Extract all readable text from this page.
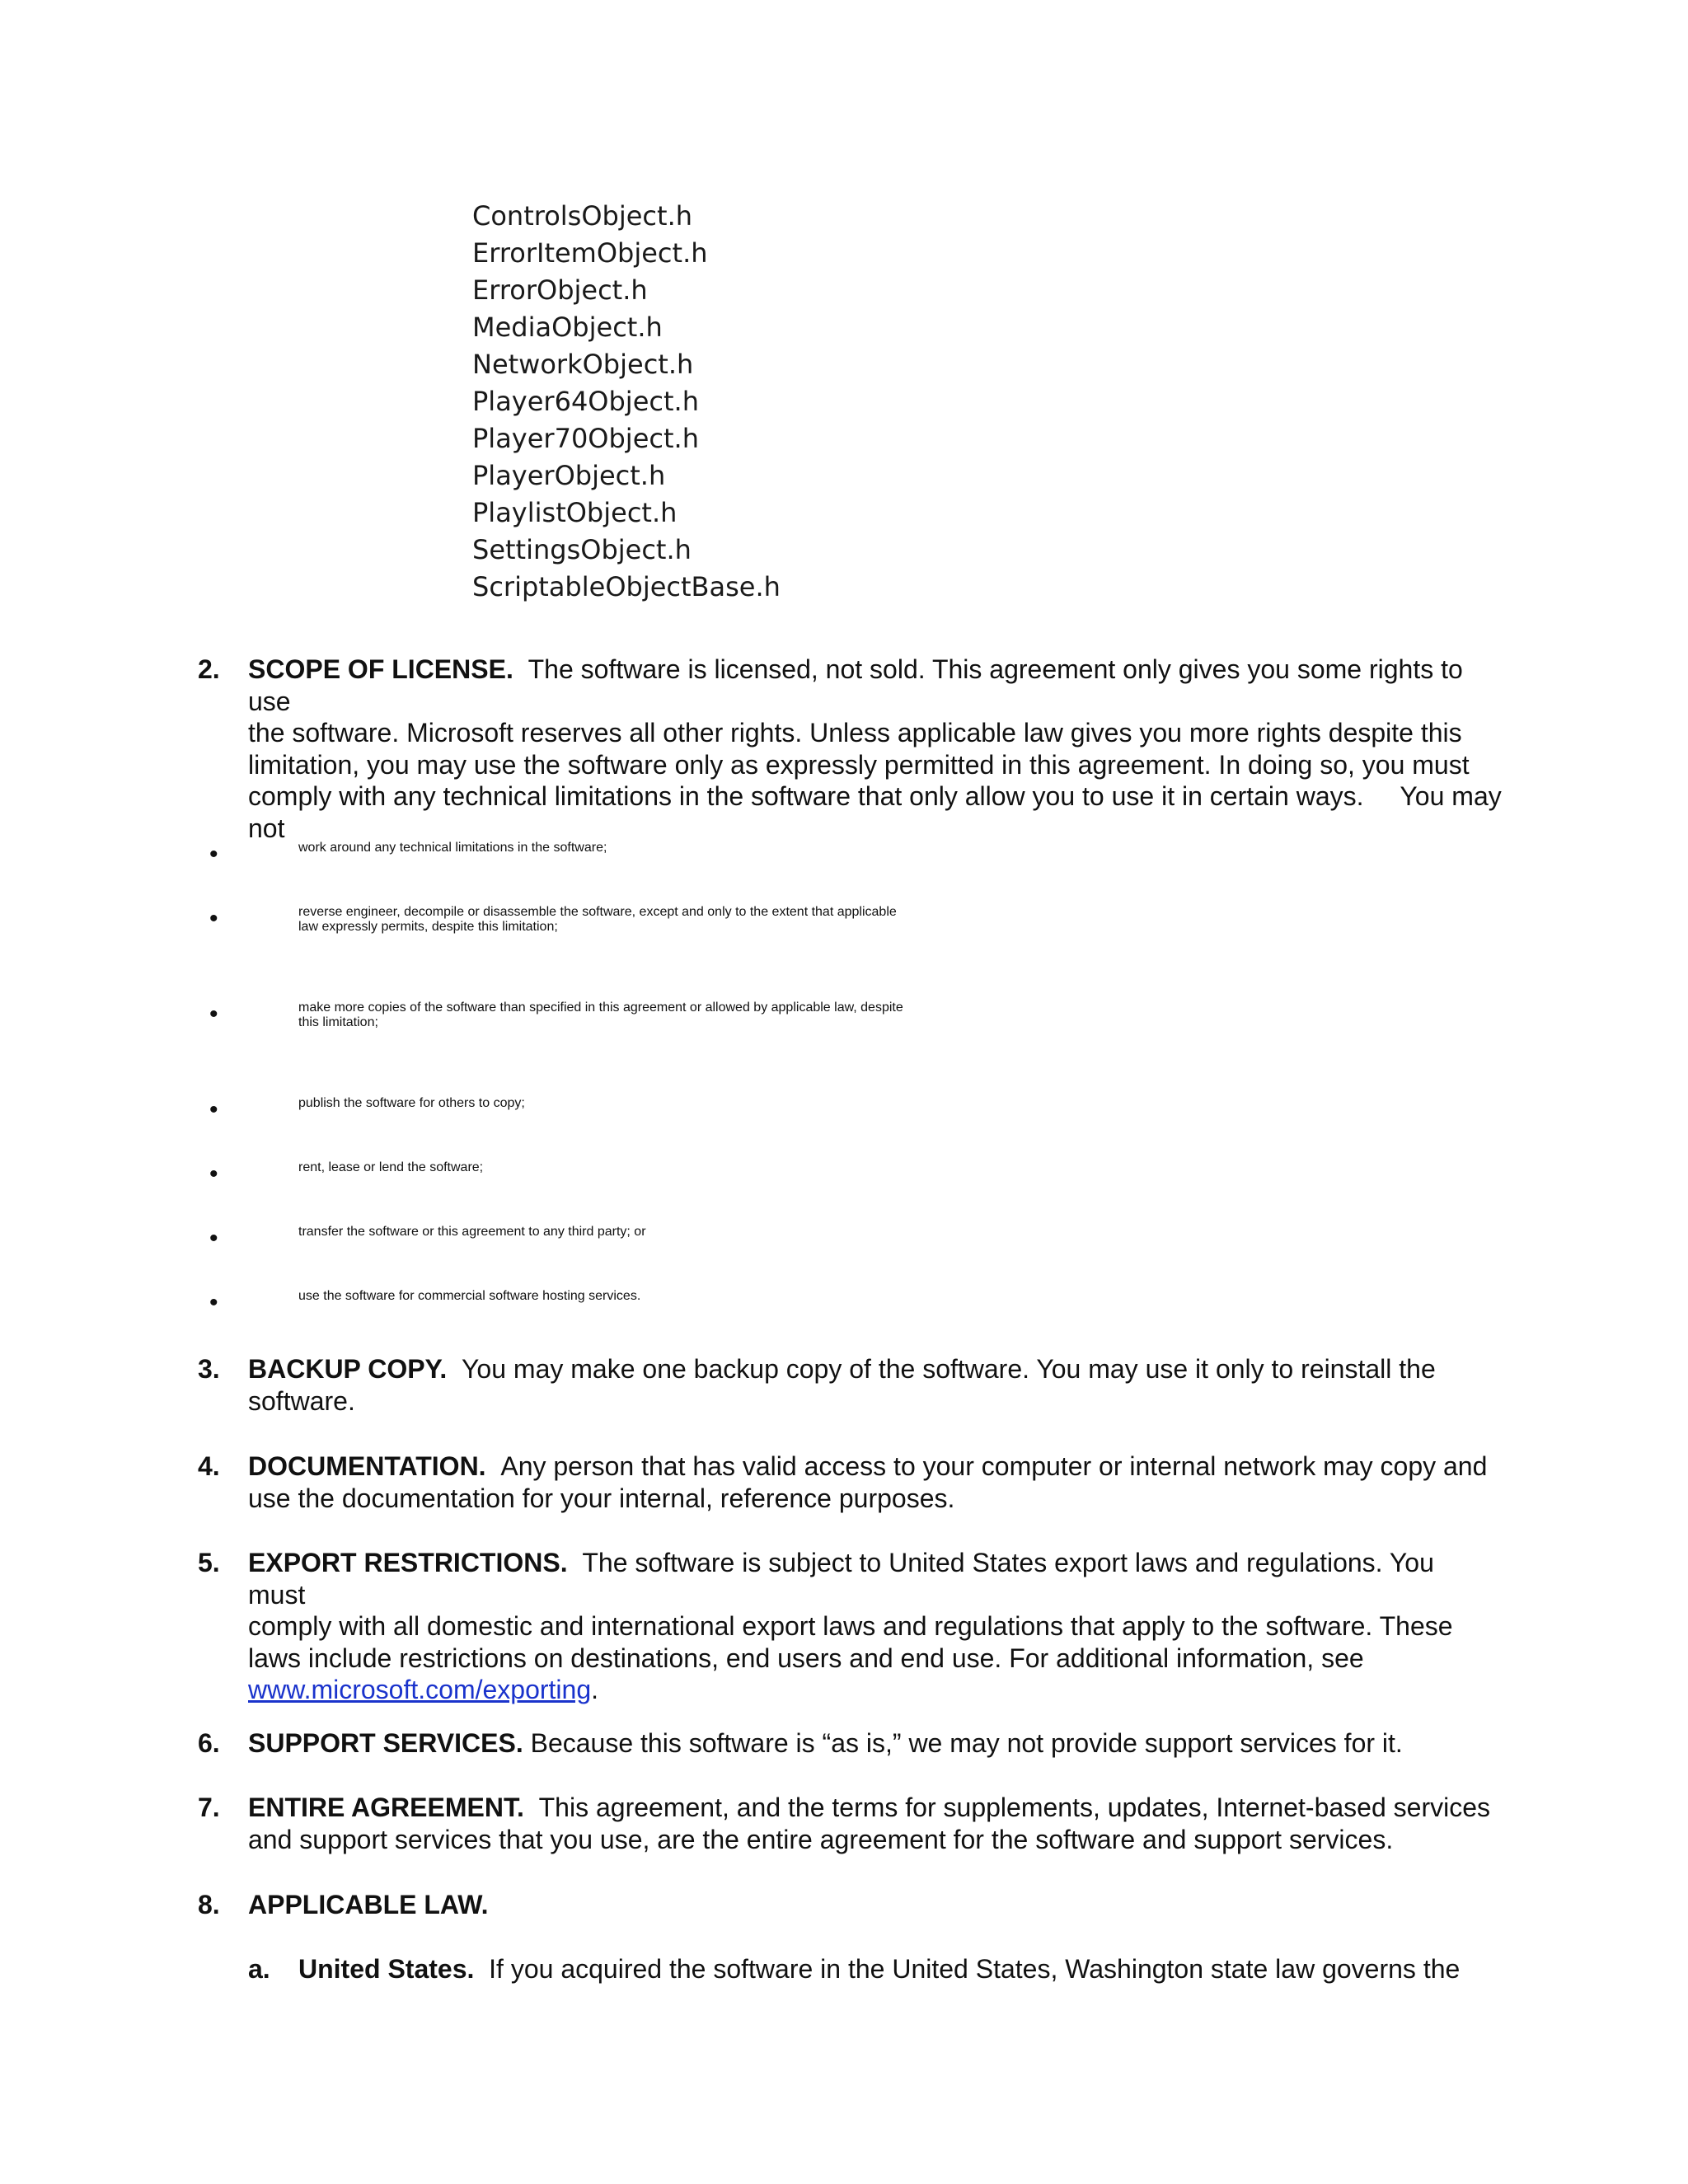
ControlsObject.h
ErrorItemObject.h
ErrorObject.h
MediaObject.h
NetworkObject.h
Player64Object.h
Player70Object.h
PlayerObject.h
PlaylistObject.h
SettingsObject.h
ScriptableObjectBase.h
2.	SCOPE OF LICENSE. The software is licensed, not sold. This agreement only gives you some rights to use
the software. Microsoft reserves all other rights. Unless applicable law gives you more rights despite this
limitation, you may use the software only as expressly permitted in this agreement. In doing so, you must
comply with any technical limitations in the software that only allow you to use it in certain ways.     You may
not
•	work around any technical limitations in the software;
•	reverse engineer, decompile or disassemble the software, except and only to the extent that applicable
law expressly permits, despite this limitation;
•	make more copies of the software than specified in this agreement or allowed by applicable law, despite
this limitation;
•	publish the software for others to copy;
•	rent, lease or lend the software;
•	transfer the software or this agreement to any third party; or
•	use the software for commercial software hosting services.
3.	BACKUP COPY. You may make one backup copy of the software. You may use it only to reinstall the
software.
4.	DOCUMENTATION. Any person that has valid access to your computer or internal network may copy and
use the documentation for your internal, reference purposes.
5.	EXPORT RESTRICTIONS. The software is subject to United States export laws and regulations. You must
comply with all domestic and international export laws and regulations that apply to the software. These
laws include restrictions on destinations, end users and end use. For additional information, see
www.microsoft.com/exporting.
6.	SUPPORT SERVICES. Because this software is “as is,” we may not provide support services for it.
7.	ENTIRE AGREEMENT. This agreement, and the terms for supplements, updates, Internet-based services
and support services that you use, are the entire agreement for the software and support services.
8.	APPLICABLE LAW.
a. United States. If you acquired the software in the United States, Washington state law governs the
